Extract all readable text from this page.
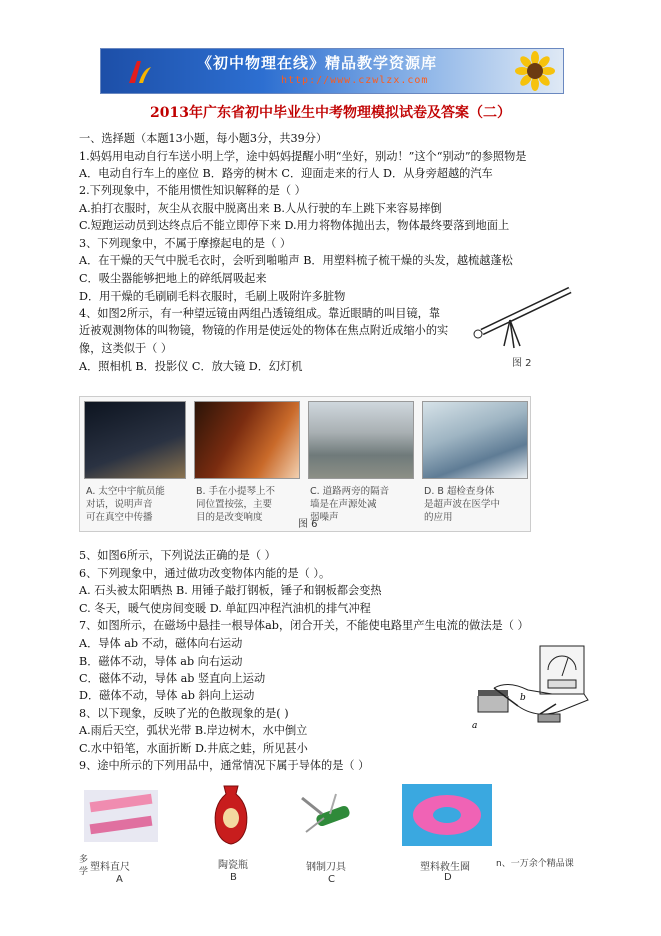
《初中物理在线》精品教学资源库
http://www.czwlzx.com
2013年广东省初中毕业生中考物理模拟试卷及答案（二）
一、选择题（本题13小题，每小题3分，共39分）
1.妈妈用电动自行车送小明上学，途中妈妈提醒小明“坐好，别动！”这个“别动”的参照物是
A．电动自行车上的座位 B．路旁的树木 C．迎面走来的行人 D．从身旁超越的汽车
2.下列现象中，不能用惯性知识解释的是（ ）
A.拍打衣服时，灰尘从衣服中脱离出来 B.人从行驶的车上跳下来容易摔倒
C.短跑运动员到达终点后不能立即停下来 D.用力将物体抛出去，物体最终要落到地面上
3、下列现象中，不属于摩擦起电的是（ ）
A．在干燥的天气中脱毛衣时，会听到啪啪声 B．用塑料梳子梳干燥的头发，越梳越蓬松
C．吸尘器能够把地上的碎纸屑吸起来
D．用干燥的毛刷刷毛料衣服时，毛刷上吸附许多脏物
4、如图2所示，有一种望远镜由两组凸透镜组成。靠近眼睛的叫目镜，靠
近被观测物体的叫物镜，物镜的作用是使远处的物体在焦点附近成缩小的实
像，这类似于（ ）
A．照相机 B．投影仪 C．放大镜 D．幻灯机	图 2
A. 太空中宇航员能
对话，说明声音
可在真空中传播
B. 手在小提琴上不
同位置按弦，主要
目的是改变响度
C. 道路两旁的隔音
墙是在声源处减
弱噪声
D. B 超检查身体
是超声波在医学中
的应用
图 6
5、如图6所示，下列说法正确的是（ ）
6、下列现象中，通过做功改变物体内能的是（ ）。
A. 石头被太阳晒热 B. 用锤子敲打钢板，锤子和钢板都会变热
C. 冬天，暖气使房间变暖 D. 单缸四冲程汽油机的排气冲程
7、如图所示，在磁场中悬挂一根导体ab，闭合开关，不能使电路里产生电流的做法是（ ）
A．导体 ab 不动，磁体向右运动
B．磁体不动，导体 ab 向右运动
C．磁体不动，导体 ab 竖直向上运动
D．磁体不动，导体 ab 斜向上运动
8、以下现象，反映了光的色散现象的是( )
A.雨后天空，弧状光带 B.岸边树木，水中倒立
C.水中铅笔，水面折断 D.井底之蛙，所见甚小
9、途中所示的下列用品中，通常情况下属于导体的是（ ）
a
b
塑料直尺	陶瓷瓶	钢制刀具	塑料救生圈
A	B	C	D
n、一万余个精品课
多 学
